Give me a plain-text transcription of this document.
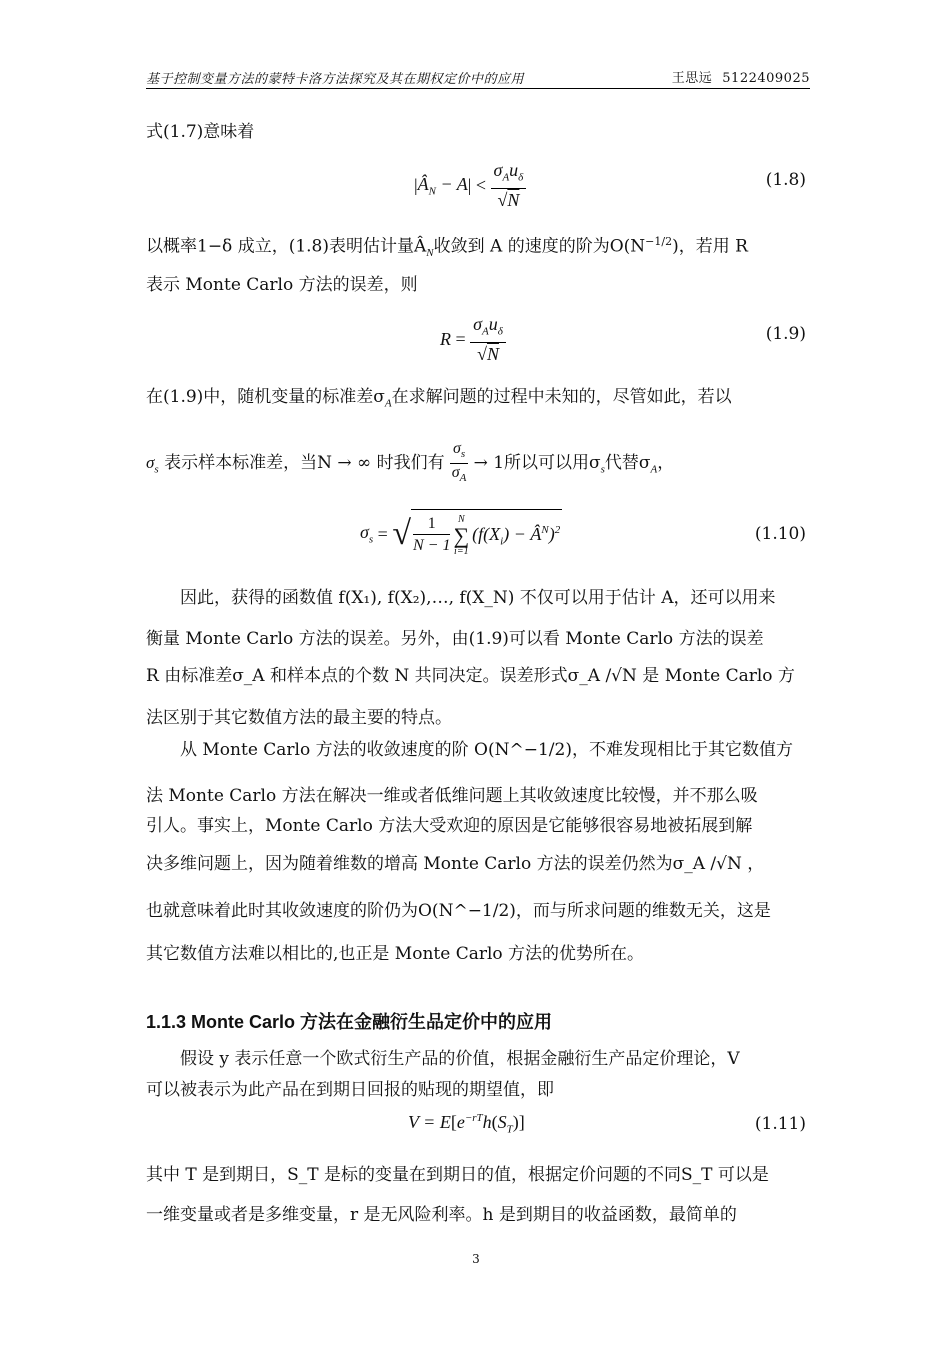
基于控制变量方法的蒙特卡洛方法探究及其在期权定价中的应用	王思远 5122409025
式(1.7)意味着
$|Â_N - A| < \frac{\sigma_Au_\delta}{√N}$	(1.8)
以概率1−δ 成立，(1.8)表明估计量$Â_N$收敛到 A 的速度的阶为$O(N^{-1/2})$，若用 R
表示 Monte Carlo 方法的误差，则
$R = \frac{\sigma_Au_\delta}{√N}$	(1.9)
在(1.9)中，随机变量的标准差$\sigma_A$在求解问题的过程中未知的，尽管如此，若以
$\sigma_s$ 表示样本标准差，当N → ∞ 时我们有 $\frac{\sigma_s}{\sigma_A} \to 1$所以可以用$\sigma_s$代替$\sigma_A$，
$\sigma_s$ = √ $\frac{1}{N - 1}$ N
∑
i=1
($f(X_i)$ − $Â^N)^2$	(1.10)
因此，获得的函数值 f(X₁), f(X₂),…, f(X_N) 不仅可以用于估计 A，还可以用来
衡量 Monte Carlo 方法的误差。另外，由(1.9)可以看 Monte Carlo 方法的误差
R 由标准差σ_A 和样本点的个数 N 共同决定。误差形式σ_A /√N 是 Monte Carlo 方
法区别于其它数值方法的最主要的特点。
从 Monte Carlo 方法的收敛速度的阶 O(N^−1/2)，不难发现相比于其它数值方
法 Monte Carlo 方法在解决一维或者低维问题上其收敛速度比较慢，并不那么吸
引人。事实上，Monte Carlo 方法大受欢迎的原因是它能够很容易地被拓展到解
决多维问题上，因为随着维数的增高 Monte Carlo 方法的误差仍然为σ_A /√N ，
也就意味着此时其收敛速度的阶仍为O(N^−1/2)，而与所求问题的维数无关，这是
其它数值方法难以相比的,也正是 Monte Carlo 方法的优势所在。
1.1.3 Monte Carlo 方法在金融衍生品定价中的应用
假设 y 表示任意一个欧式衍生产品的价值，根据金融衍生产品定价理论，V
可以被表示为此产品在到期日回报的贴现的期望值，即
$V = E[e^{-rT}h(S_T)]$	(1.11)
其中 T 是到期日，S_T 是标的变量在到期日的值，根据定价问题的不同S_T 可以是
一维变量或者是多维变量，r 是无风险利率。h 是到期目的收益函数，最简单的
3
